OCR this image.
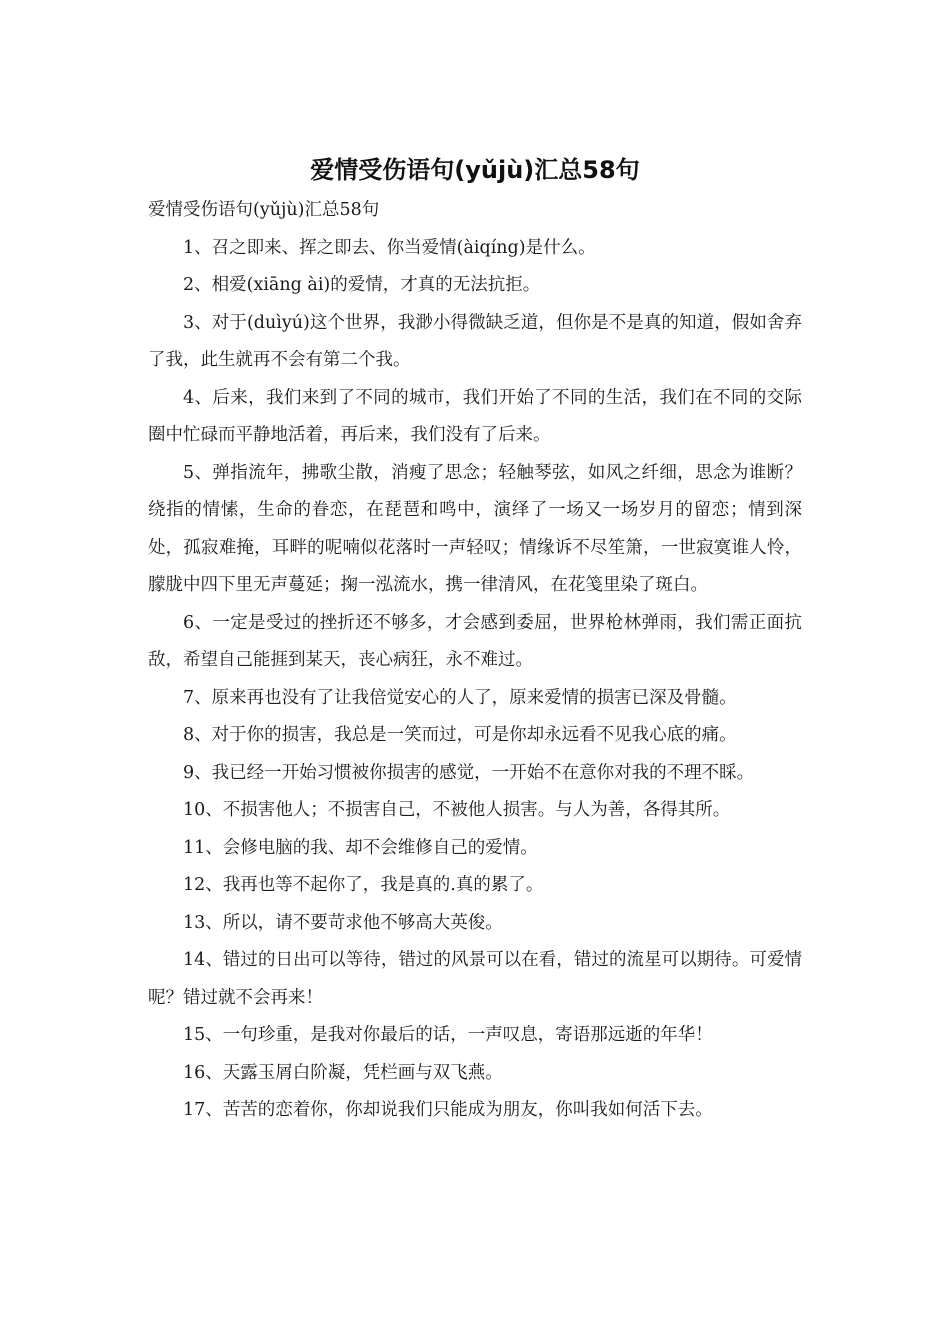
爱情受伤语句(yǔjù)汇总58句

爱情受伤语句(yǔjù)汇总58句

1、召之即来、挥之即去、你当爱情(àiqíng)是什么。

2、相爱(xiāng ài)的爱情，才真的无法抗拒。

3、对于(duìyú)这个世界，我渺小得微缺乏道，但你是不是真的知道，假如舍弃了我，此生就再不会有第二个我。

4、后来，我们来到了不同的城市，我们开始了不同的生活，我们在不同的交际圈中忙碌而平静地活着，再后来，我们没有了后来。

5、弹指流年，拂歌尘散，消瘦了思念；轻触琴弦，如风之纤细，思念为谁断？绕指的情愫，生命的眷恋，在琵琶和鸣中，演绎了一场又一场岁月的留恋；情到深处，孤寂难掩，耳畔的呢喃似花落时一声轻叹；情缘诉不尽笙箫，一世寂寞谁人怜，朦胧中四下里无声蔓延；掬一泓流水，携一律清风，在花笺里染了斑白。

6、一定是受过的挫折还不够多，才会感到委屈，世界枪林弹雨，我们需正面抗敌，希望自己能捱到某天，丧心病狂，永不难过。

7、原来再也没有了让我倍觉安心的人了，原来爱情的损害已深及骨髓。

8、对于你的损害，我总是一笑而过，可是你却永远看不见我心底的痛。

9、我已经一开始习惯被你损害的感觉，一开始不在意你对我的不理不睬。

10、不损害他人；不损害自己，不被他人损害。与人为善，各得其所。

11、会修电脑的我、却不会维修自己的爱情。

12、我再也等不起你了，我是真的.真的累了。

13、所以，请不要苛求他不够高大英俊。

14、错过的日出可以等待，错过的风景可以在看，错过的流星可以期待。可爱情呢？错过就不会再来！

15、一句珍重，是我对你最后的话，一声叹息，寄语那远逝的年华！

16、天露玉屑白阶凝，凭栏画与双飞燕。

17、苦苦的恋着你，你却说我们只能成为朋友，你叫我如何活下去。
